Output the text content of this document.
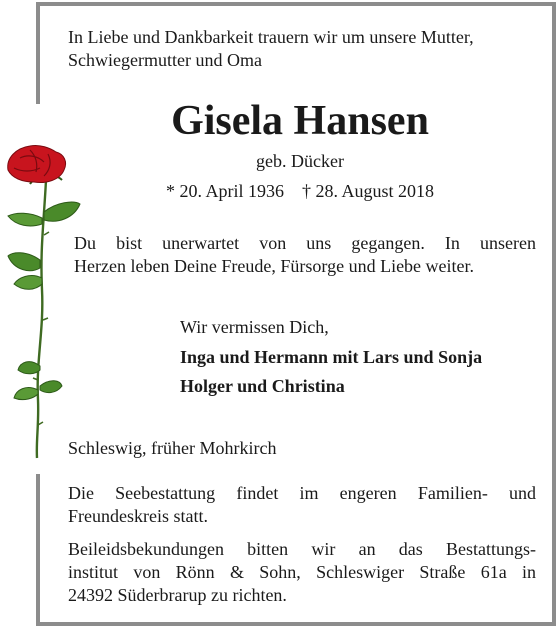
In Liebe und Dankbarkeit trauern wir um unsere Mutter,
Schwiegermutter und Oma
Gisela Hansen
geb. Dücker
* 20. April 1936 † 28. August 2018
Du bist unerwartet von uns gegangen. In unseren
Herzen leben Deine Freude, Fürsorge und Liebe weiter.
Wir vermissen Dich,
Inga und Hermann mit Lars und Sonja
Holger und Christina
Schleswig, früher Mohrkirch
Die Seebestattung findet im engeren Familien- und
Freundeskreis statt.
Beileidsbekundungen bitten wir an das Bestattungs-
institut von Rönn & Sohn, Schleswiger Straße 61a in
24392 Süderbrarup zu richten.
